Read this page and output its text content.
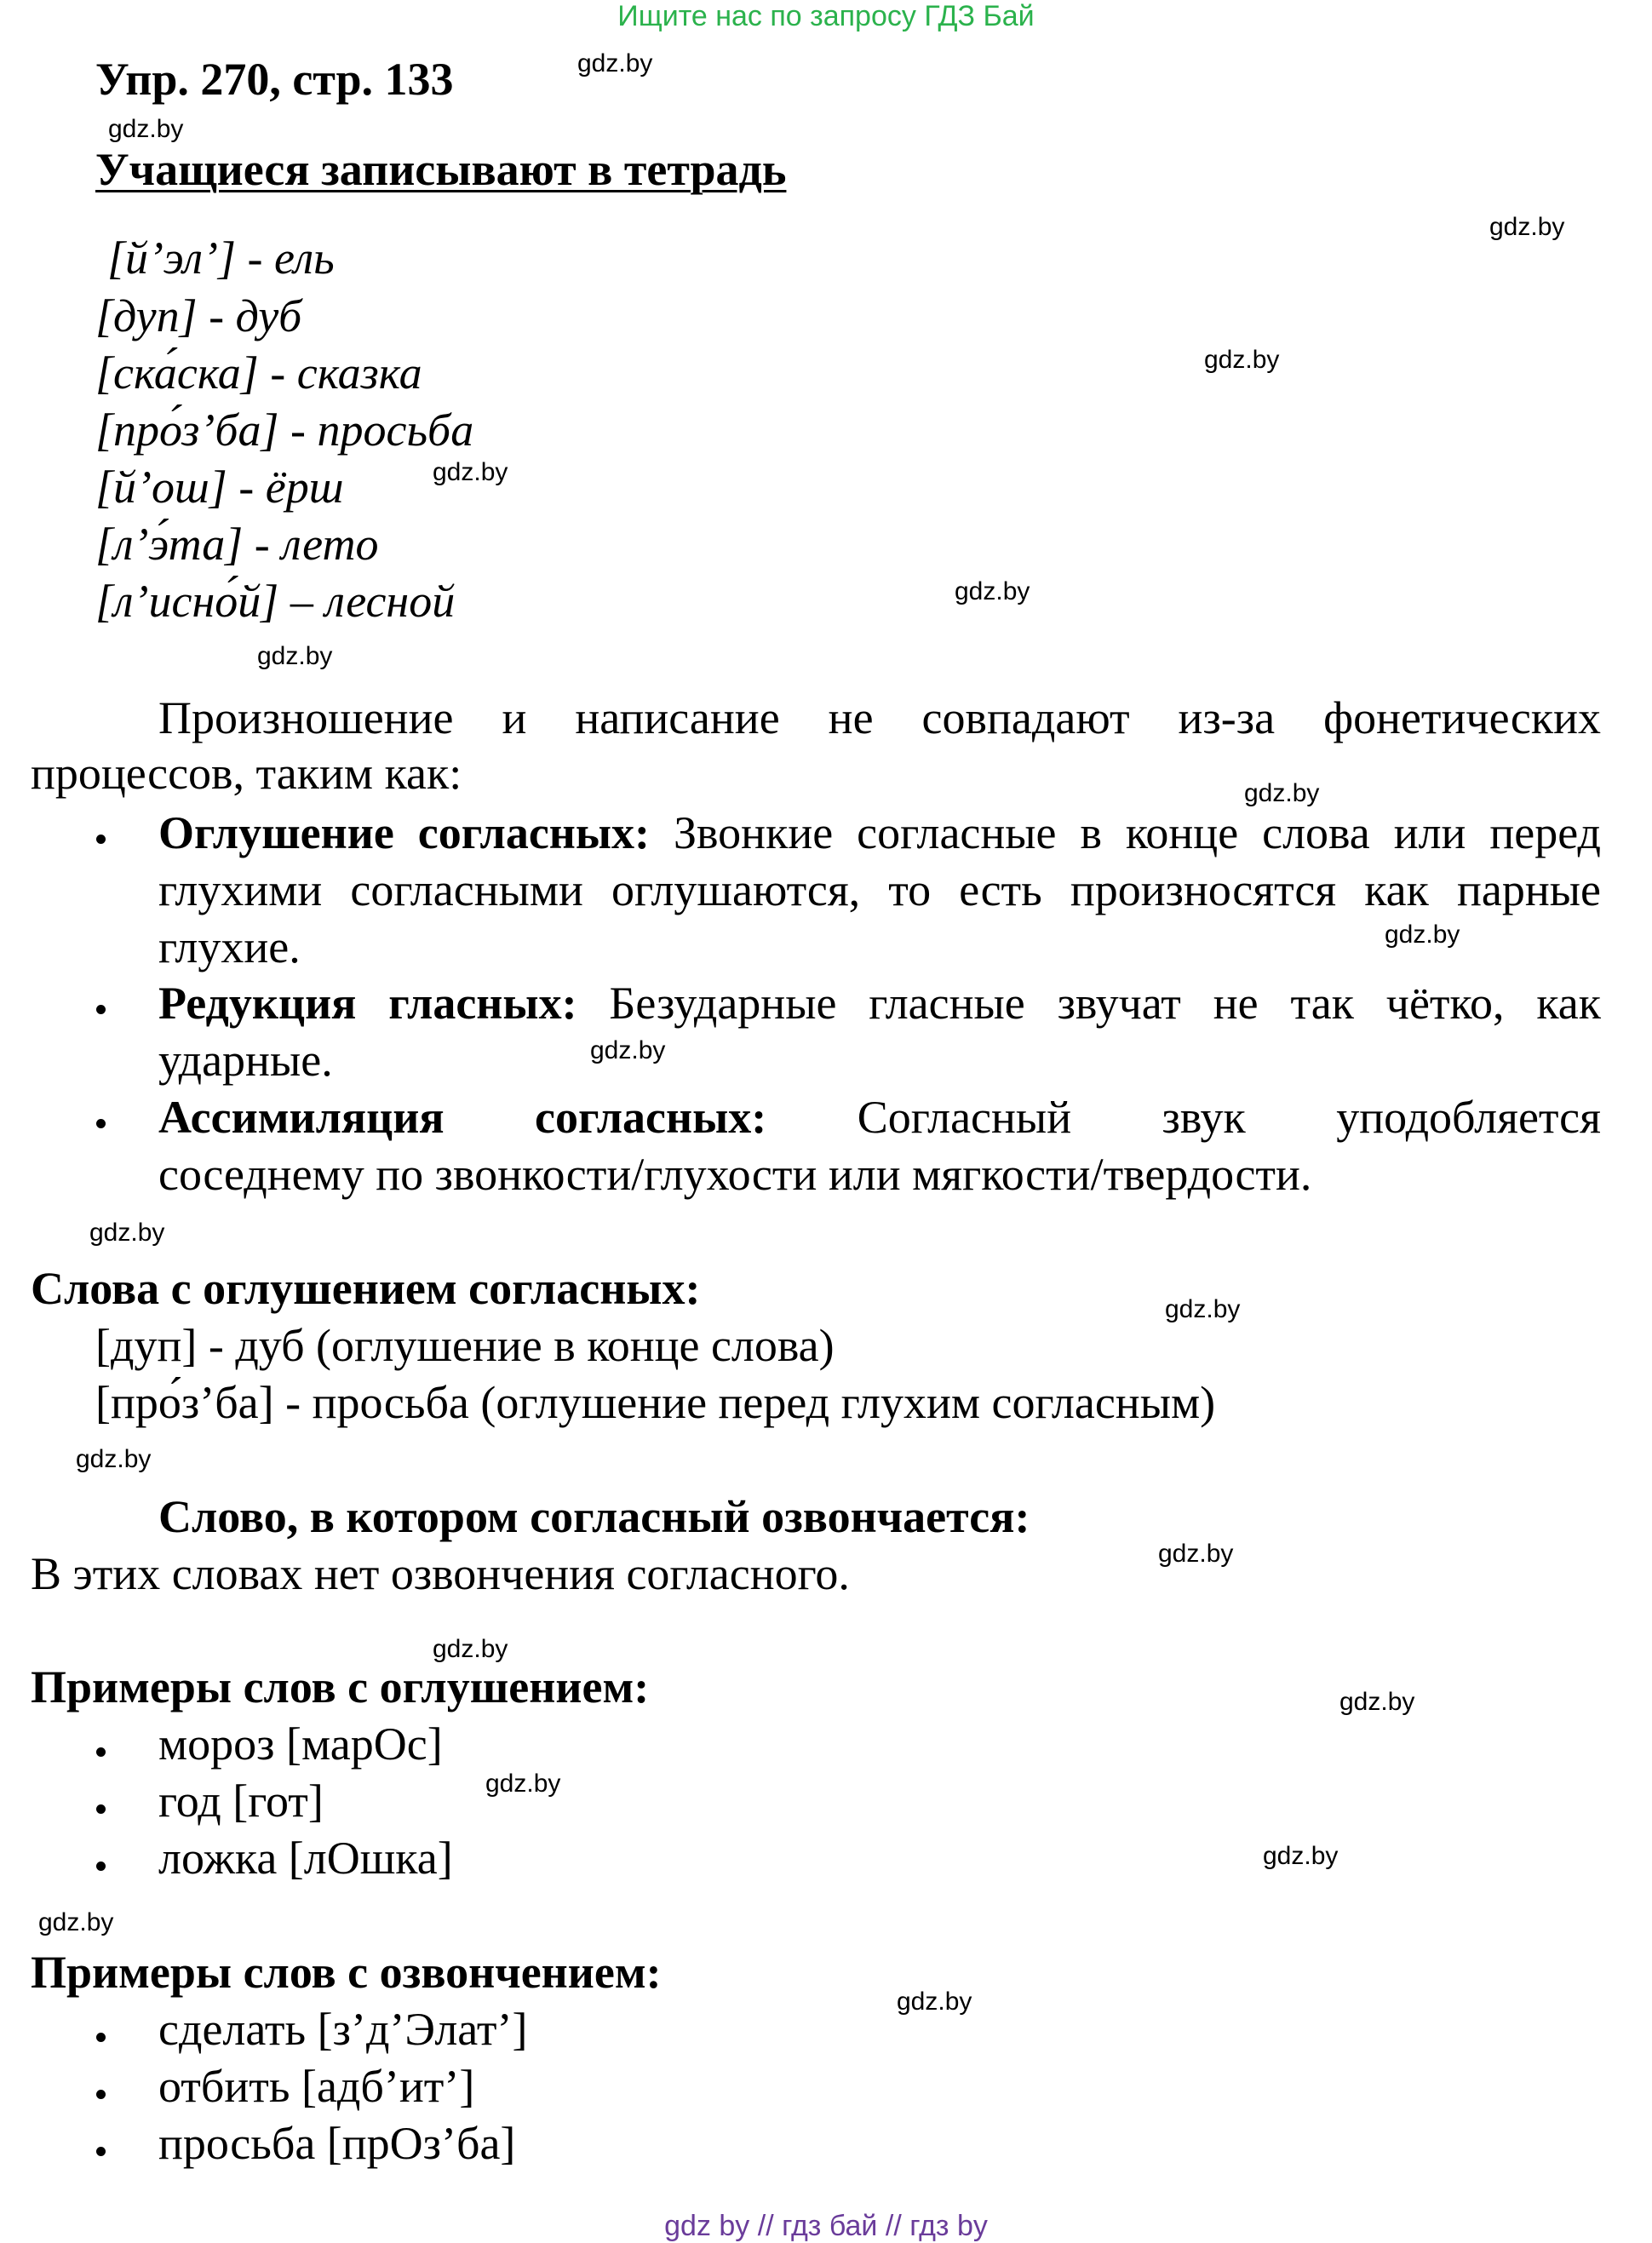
Ищите нас по запросу ГДЗ Бай
Упр. 270, стр. 133
Учащиеся записывают в тетрадь
[й’эл’] - ель
[дуп] - дуб
[ска́ска] - сказка
[про́з’ба] - просьба
[й’ош] - ёрш
[л’э́та] - лето
[л’исно́й] – лесной
Произношение и написание не совпадают из-за фонетических
процессов, таким как:
Оглушение согласных: Звонкие согласные в конце слова или перед
глухими согласными оглушаются, то есть произносятся как парные
глухие.
Редукция гласных: Безударные гласные звучат не так чётко, как
ударные.
Ассимиляция согласных: Согласный звук уподобляется
соседнему по звонкости/глухости или мягкости/твердости.
Слова с оглушением согласных:
[дуп] - дуб (оглушение в конце слова)
[про́з’ба] - просьба (оглушение перед глухим согласным)
Слово, в котором согласный озвончается:
В этих словах нет озвончения согласного.
Примеры слов с оглушением:
мороз [марОс]
год [гот]
ложка [лОшка]
Примеры слов с озвончением:
сделать [з’д’Элат’]
отбить [адб’ит’]
просьба [прОз’ба]
gdz.by
gdz.by
gdz.by
gdz.by
gdz.by
gdz.by
gdz.by
gdz.by
gdz.by
gdz.by
gdz.by
gdz.by
gdz.by
gdz.by
gdz.by
gdz.by
gdz.by
gdz.by
gdz.by
gdz.by
gdz by // гдз бай // гдз by
